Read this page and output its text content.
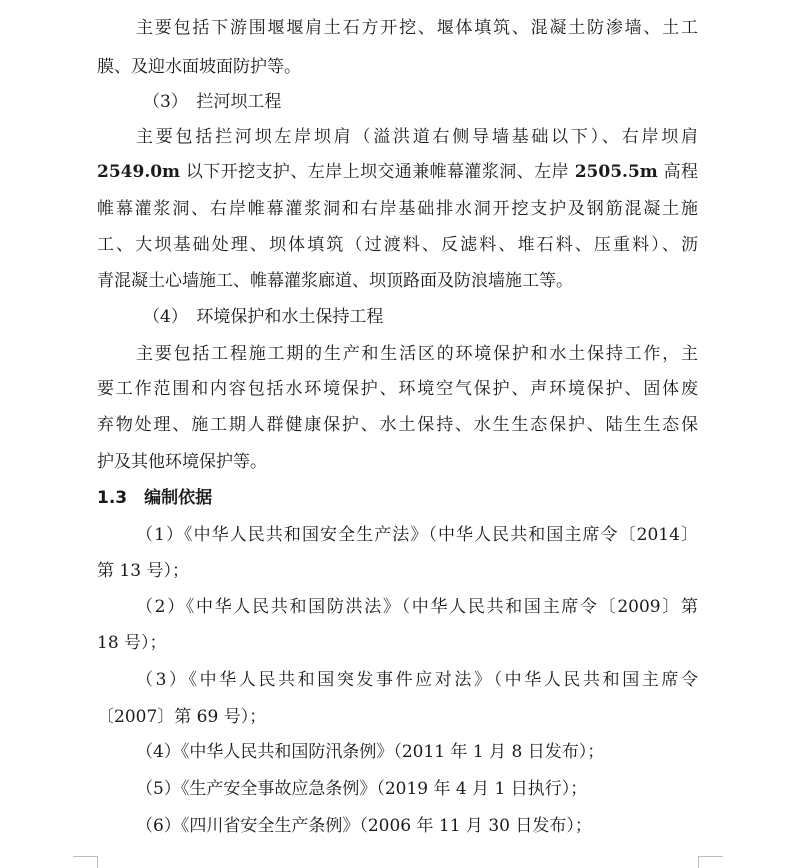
主要包括下游围堰堰肩土石方开挖、堰体填筑、混凝土防渗墙、土工
膜、及迎水面坡面防护等。
（3）　拦河坝工程
主要包括拦河坝左岸坝肩（溢洪道右侧导墙基础以下）、右岸坝肩
2549.0m 以下开挖支护、左岸上坝交通兼帷幕灌浆洞、左岸 2505.5m 高程
帷幕灌浆洞、右岸帷幕灌浆洞和右岸基础排水洞开挖支护及钢筋混凝土施
工、大坝基础处理、坝体填筑（过渡料、反滤料、堆石料、压重料）、沥
青混凝土心墙施工、帷幕灌浆廊道、坝顶路面及防浪墙施工等。
（4）　环境保护和水土保持工程
主要包括工程施工期的生产和生活区的环境保护和水土保持工作，主
要工作范围和内容包括水环境保护、环境空气保护、声环境保护、固体废
弃物处理、施工期人群健康保护、水土保持、水生生态保护、陆生生态保
护及其他环境保护等。
1.3　编制依据
（1）《中华人民共和国安全生产法》（中华人民共和国主席令〔2014〕
第 13 号）；
（2）《中华人民共和国防洪法》（中华人民共和国主席令〔2009〕第
18 号）；
（3）《中华人民共和国突发事件应对法》（中华人民共和国主席令
〔2007〕第 69 号）；
（4）《中华人民共和国防汛条例》（2011 年 1 月 8 日发布）；
（5）《生产安全事故应急条例》（2019 年 4 月 1 日执行）；
（6）《四川省安全生产条例》（2006 年 11 月 30 日发布）；
